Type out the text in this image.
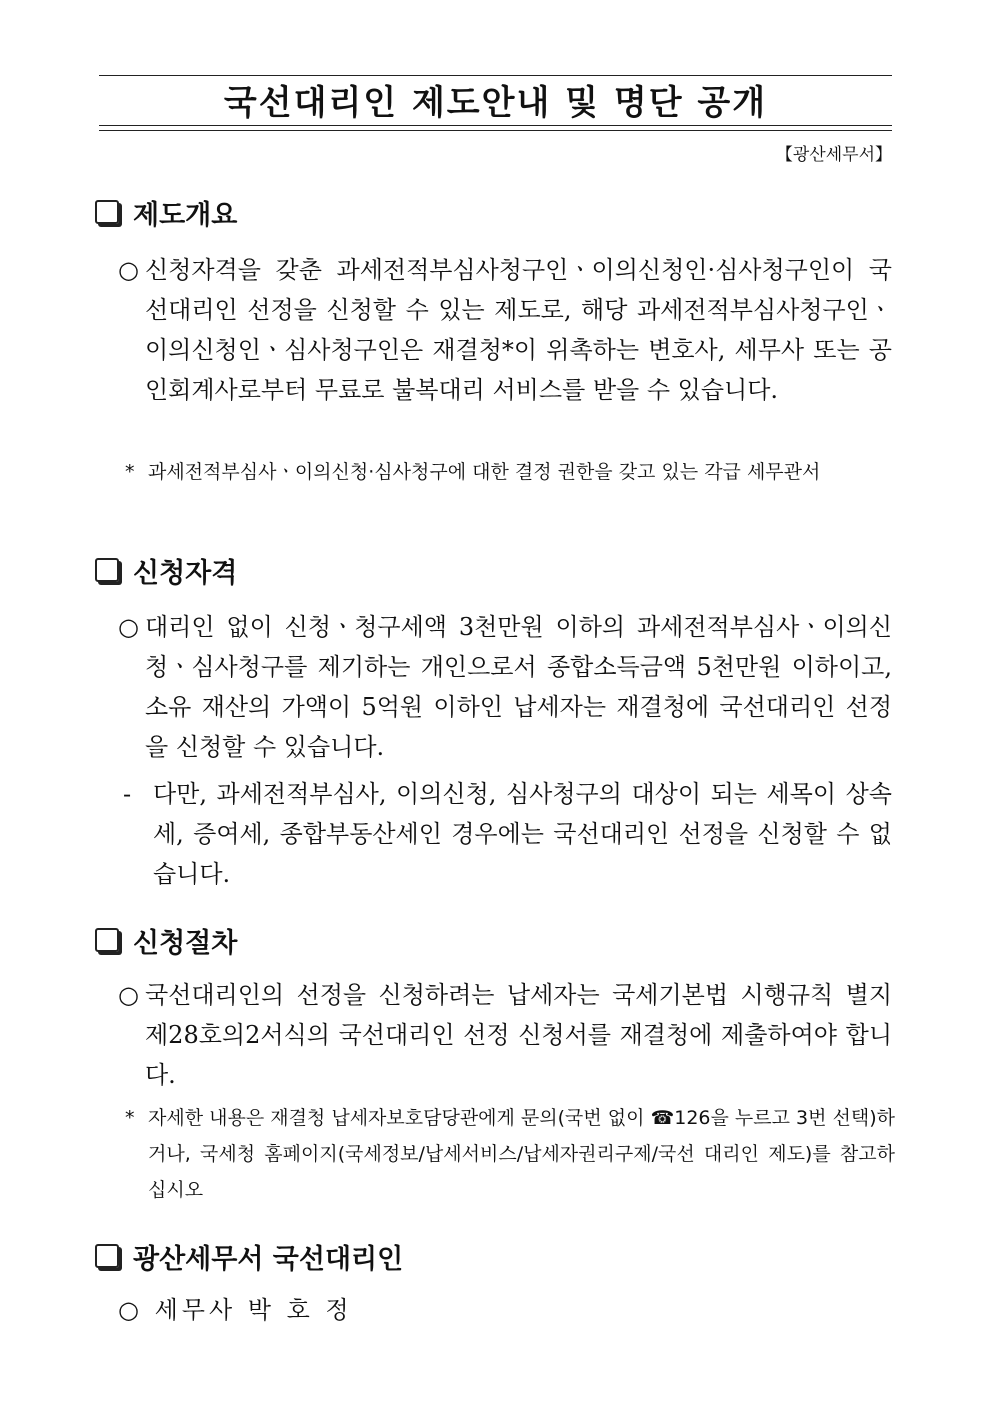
국선대리인 제도안내 및 명단 공개
【광산세무서】
제도개요
○ 신청자격을 갖춘 과세전적부심사청구인ㆍ이의신청인·심사청구인이 국선대리인 선정을 신청할 수 있는 제도로, 해당 과세전적부심사청구인ㆍ이의신청인ㆍ심사청구인은 재결청*이 위촉하는 변호사, 세무사 또는 공인회계사로부터 무료로 불복대리 서비스를 받을 수 있습니다.
* 과세전적부심사ㆍ이의신청·심사청구에 대한 결정 권한을 갖고 있는 각급 세무관서
신청자격
○ 대리인 없이 신청ㆍ청구세액 3천만원 이하의 과세전적부심사ㆍ이의신청ㆍ심사청구를 제기하는 개인으로서 종합소득금액 5천만원 이하이고, 소유 재산의 가액이 5억원 이하인 납세자는 재결청에 국선대리인 선정을 신청할 수 있습니다.
- 다만, 과세전적부심사, 이의신청, 심사청구의 대상이 되는 세목이 상속세, 증여세, 종합부동산세인 경우에는 국선대리인 선정을 신청할 수 없습니다.
신청절차
○ 국선대리인의 선정을 신청하려는 납세자는 국세기본법 시행규칙 별지 제28호의2서식의 국선대리인 선정 신청서를 재결청에 제출하여야 합니다.
* 자세한 내용은 재결청 납세자보호담당관에게 문의(국번 없이 ☎126을 누르고 3번 선택)하거나, 국세청 홈페이지(국세정보/납세서비스/납세자권리구제/국선 대리인 제도)를 참고하십시오
광산세무서 국선대리인
○ 세무사 박 호 정
